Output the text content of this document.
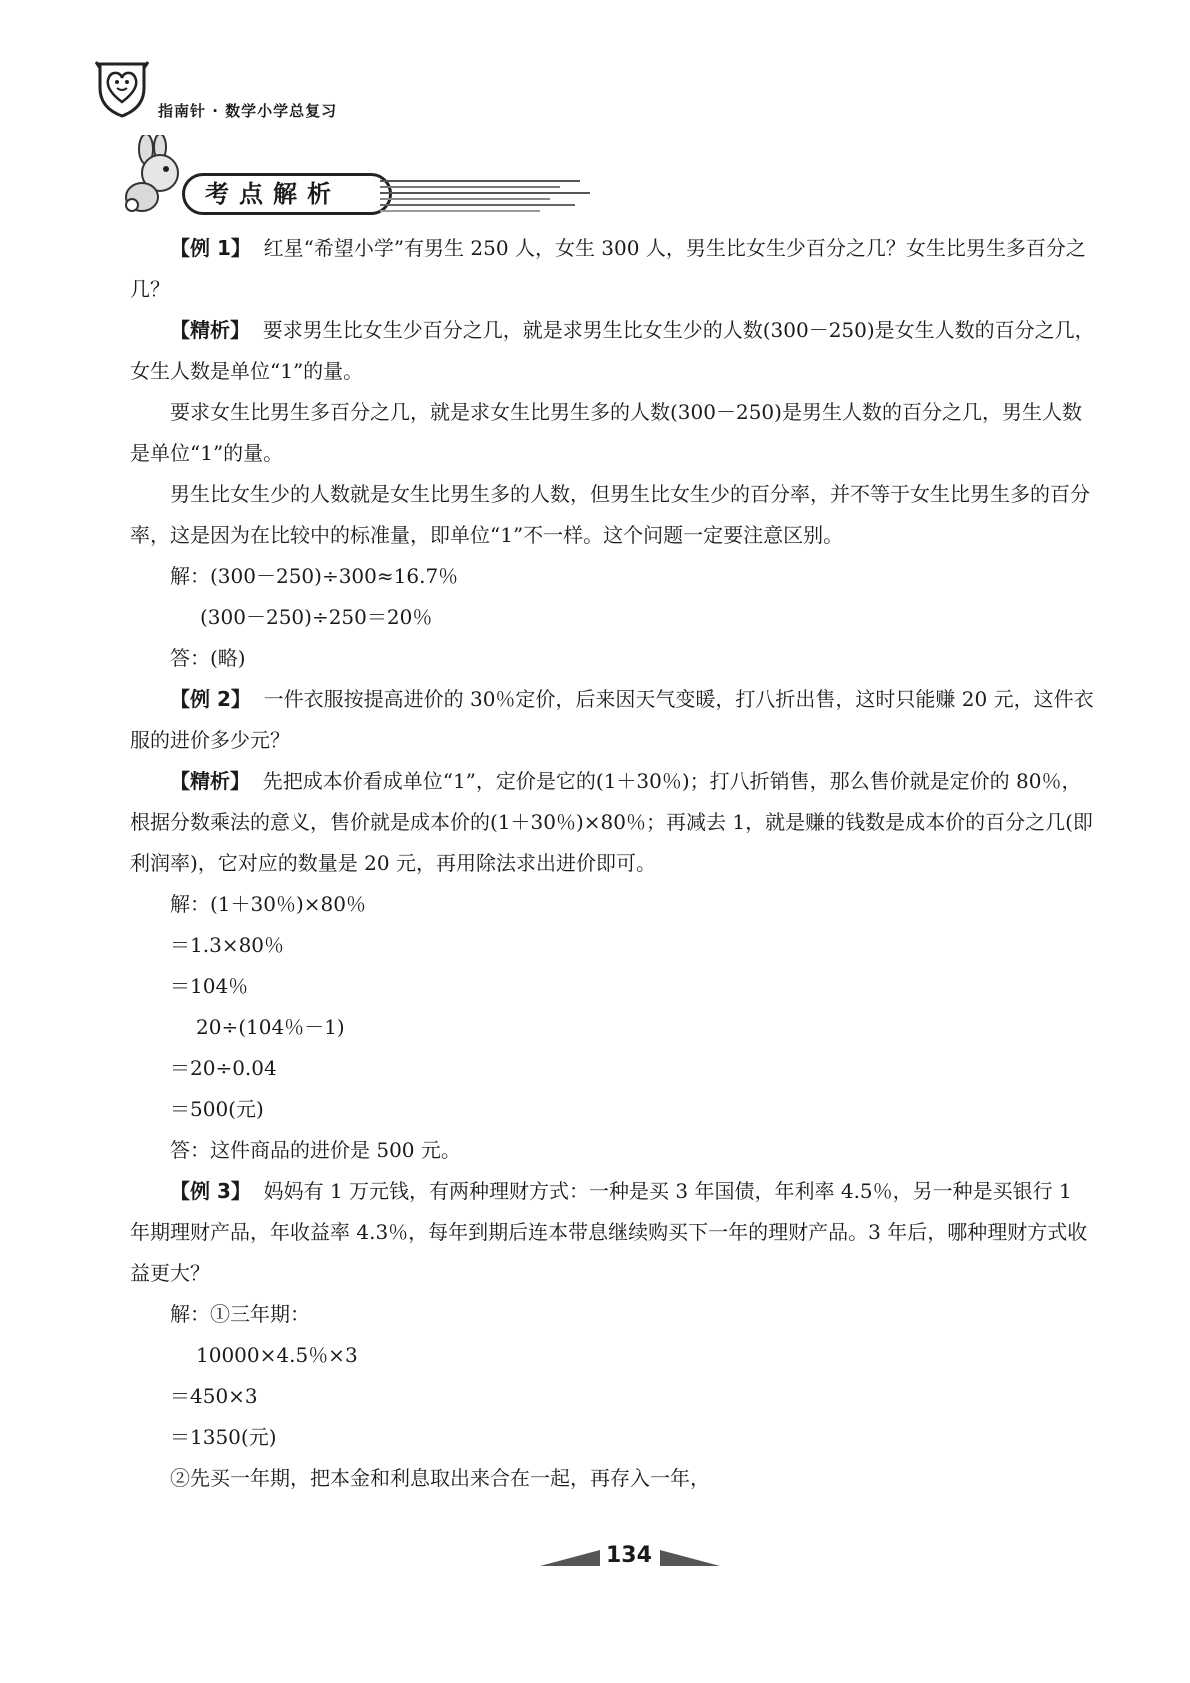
指南针 · 数学小学总复习
考点解析

【例 1】 红星“希望小学”有男生 250 人，女生 300 人，男生比女生少百分之几？女生比男生多百分之几？

【精析】 要求男生比女生少百分之几，就是求男生比女生少的人数(300－250)是女生人数的百分之几，女生人数是单位“1”的量。

要求女生比男生多百分之几，就是求女生比男生多的人数(300－250)是男生人数的百分之几，男生人数是单位“1”的量。

男生比女生少的人数就是女生比男生多的人数，但男生比女生少的百分率，并不等于女生比男生多的百分率，这是因为在比较中的标准量，即单位“1”不一样。这个问题一定要注意区别。

解：(300－250)÷300≈16.7％

(300－250)÷250＝20％

答：(略)

【例 2】 一件衣服按提高进价的 30％定价，后来因天气变暖，打八折出售，这时只能赚 20 元，这件衣服的进价多少元？

【精析】 先把成本价看成单位“1”，定价是它的(1＋30％)；打八折销售，那么售价就是定价的 80％，根据分数乘法的意义，售价就是成本价的(1＋30％)×80％；再减去 1，就是赚的钱数是成本价的百分之几(即利润率)，它对应的数量是 20 元，再用除法求出进价即可。

解：(1＋30％)×80％

＝1.3×80％

＝104％

20÷(104％－1)

＝20÷0.04

＝500(元)

答：这件商品的进价是 500 元。

【例 3】 妈妈有 1 万元钱，有两种理财方式：一种是买 3 年国债，年利率 4.5％，另一种是买银行 1 年期理财产品，年收益率 4.3％，每年到期后连本带息继续购买下一年的理财产品。3 年后，哪种理财方式收益更大？

解：①三年期：

10000×4.5％×3

＝450×3

＝1350(元)

②先买一年期，把本金和利息取出来合在一起，再存入一年，

134
